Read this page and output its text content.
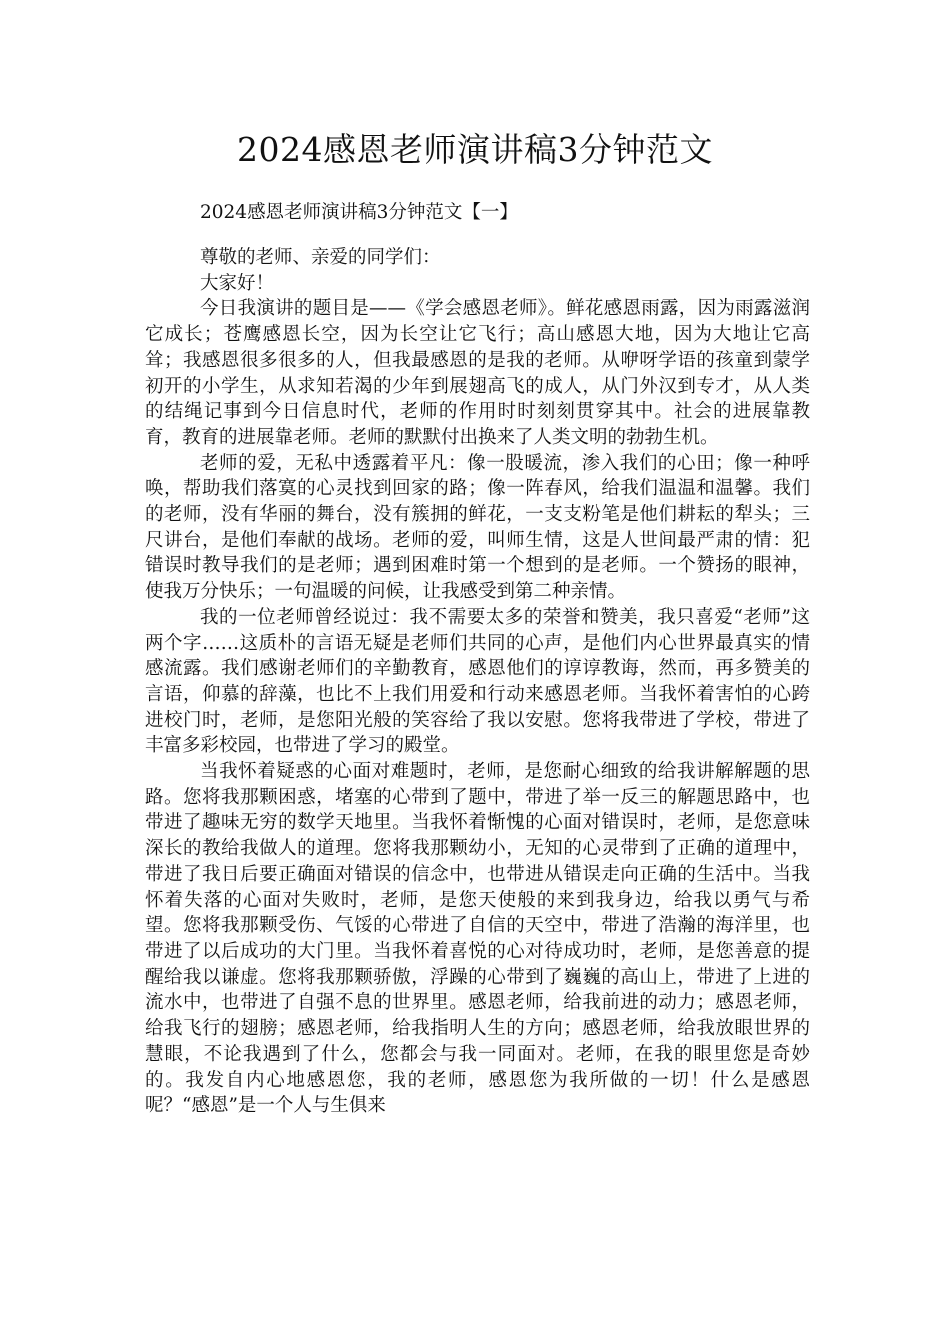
2024感恩老师演讲稿3分钟范文
2024感恩老师演讲稿3分钟范文【一】

尊敬的老师、亲爱的同学们：

大家好！

今日我演讲的题目是——《学会感恩老师》。鲜花感恩雨露，因为雨露滋润它成长；苍鹰感恩长空，因为长空让它飞行；高山感恩大地，因为大地让它高耸；我感恩很多很多的人，但我最感恩的是我的老师。从咿呀学语的孩童到蒙学初开的小学生，从求知若渴的少年到展翅高飞的成人，从门外汉到专才，从人类的结绳记事到今日信息时代，老师的作用时时刻刻贯穿其中。社会的进展靠教育，教育的进展靠老师。老师的默默付出换来了人类文明的勃勃生机。

老师的爱，无私中透露着平凡：像一股暖流，渗入我们的心田；像一种呼唤，帮助我们落寞的心灵找到回家的路；像一阵春风，给我们温温和温馨。我们的老师，没有华丽的舞台，没有簇拥的鲜花，一支支粉笔是他们耕耘的犁头；三尺讲台，是他们奉献的战场。老师的爱，叫师生情，这是人世间最严肃的情：犯错误时教导我们的是老师；遇到困难时第一个想到的是老师。一个赞扬的眼神，使我万分快乐；一句温暖的问候，让我感受到第二种亲情。

我的一位老师曾经说过：我不需要太多的荣誉和赞美，我只喜爱“老师”这两个字……这质朴的言语无疑是老师们共同的心声，是他们内心世界最真实的情感流露。我们感谢老师们的辛勤教育，感恩他们的谆谆教诲，然而，再多赞美的言语，仰慕的辞藻，也比不上我们用爱和行动来感恩老师。当我怀着害怕的心跨进校门时，老师，是您阳光般的笑容给了我以安慰。您将我带进了学校，带进了丰富多彩校园，也带进了学习的殿堂。

当我怀着疑惑的心面对难题时，老师，是您耐心细致的给我讲解解题的思路。您将我那颗困惑，堵塞的心带到了题中，带进了举一反三的解题思路中，也带进了趣味无穷的数学天地里。当我怀着惭愧的心面对错误时，老师，是您意味深长的教给我做人的道理。您将我那颗幼小，无知的心灵带到了正确的道理中，带进了我日后要正确面对错误的信念中，也带进从错误走向正确的生活中。当我怀着失落的心面对失败时，老师，是您天使般的来到我身边，给我以勇气与希望。您将我那颗受伤、气馁的心带进了自信的天空中，带进了浩瀚的海洋里，也带进了以后成功的大门里。当我怀着喜悦的心对待成功时，老师，是您善意的提醒给我以谦虚。您将我那颗骄傲，浮躁的心带到了巍巍的高山上，带进了上进的流水中，也带进了自强不息的世界里。感恩老师，给我前进的动力；感恩老师，给我飞行的翅膀；感恩老师，给我指明人生的方向；感恩老师，给我放眼世界的慧眼，不论我遇到了什么，您都会与我一同面对。老师，在我的眼里您是奇妙的。我发自内心地感恩您，我的老师，感恩您为我所做的一切！什么是感恩呢？“感恩”是一个人与生俱来
